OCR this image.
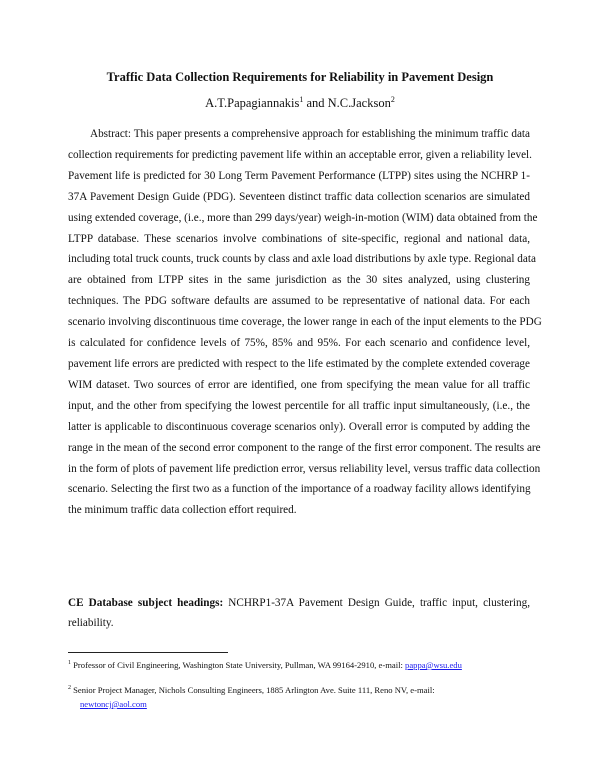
Traffic Data Collection Requirements for Reliability in Pavement Design
A.T.Papagiannakis$^1$ and N.C.Jackson$^2$
Abstract: This paper presents a comprehensive approach for establishing the minimum traffic data
collection requirements for predicting pavement life within an acceptable error, given a reliability level.
Pavement life is predicted for 30 Long Term Pavement Performance (LTPP) sites using the NCHRP 1-
37A Pavement Design Guide (PDG). Seventeen distinct traffic data collection scenarios are simulated
using extended coverage, (i.e., more than 299 days/year) weigh-in-motion (WIM) data obtained from the
LTPP database. These scenarios involve combinations of site-specific, regional and national data,
including total truck counts, truck counts by class and axle load distributions by axle type. Regional data
are obtained from LTPP sites in the same jurisdiction as the 30 sites analyzed, using clustering
techniques. The PDG software defaults are assumed to be representative of national data. For each
scenario involving discontinuous time coverage, the lower range in each of the input elements to the PDG
is calculated for confidence levels of 75%, 85% and 95%. For each scenario and confidence level,
pavement life errors are predicted with respect to the life estimated by the complete extended coverage
WIM dataset. Two sources of error are identified, one from specifying the mean value for all traffic
input, and the other from specifying the lowest percentile for all traffic input simultaneously, (i.e., the
latter is applicable to discontinuous coverage scenarios only). Overall error is computed by adding the
range in the mean of the second error component to the range of the first error component. The results are
in the form of plots of pavement life prediction error, versus reliability level, versus traffic data collection
scenario. Selecting the first two as a function of the importance of a roadway facility allows identifying
the minimum traffic data collection effort required.
CE Database subject headings: NCHRP1-37A Pavement Design Guide, traffic input, clustering,
reliability.
$^1$ Professor of Civil Engineering, Washington State University, Pullman, WA 99164-2910, e-mail: pappa@wsu.edu
$^2$ Senior Project Manager, Nichols Consulting Engineers, 1885 Arlington Ave. Suite 111, Reno NV, e-mail:
newtoncj@aol.com
